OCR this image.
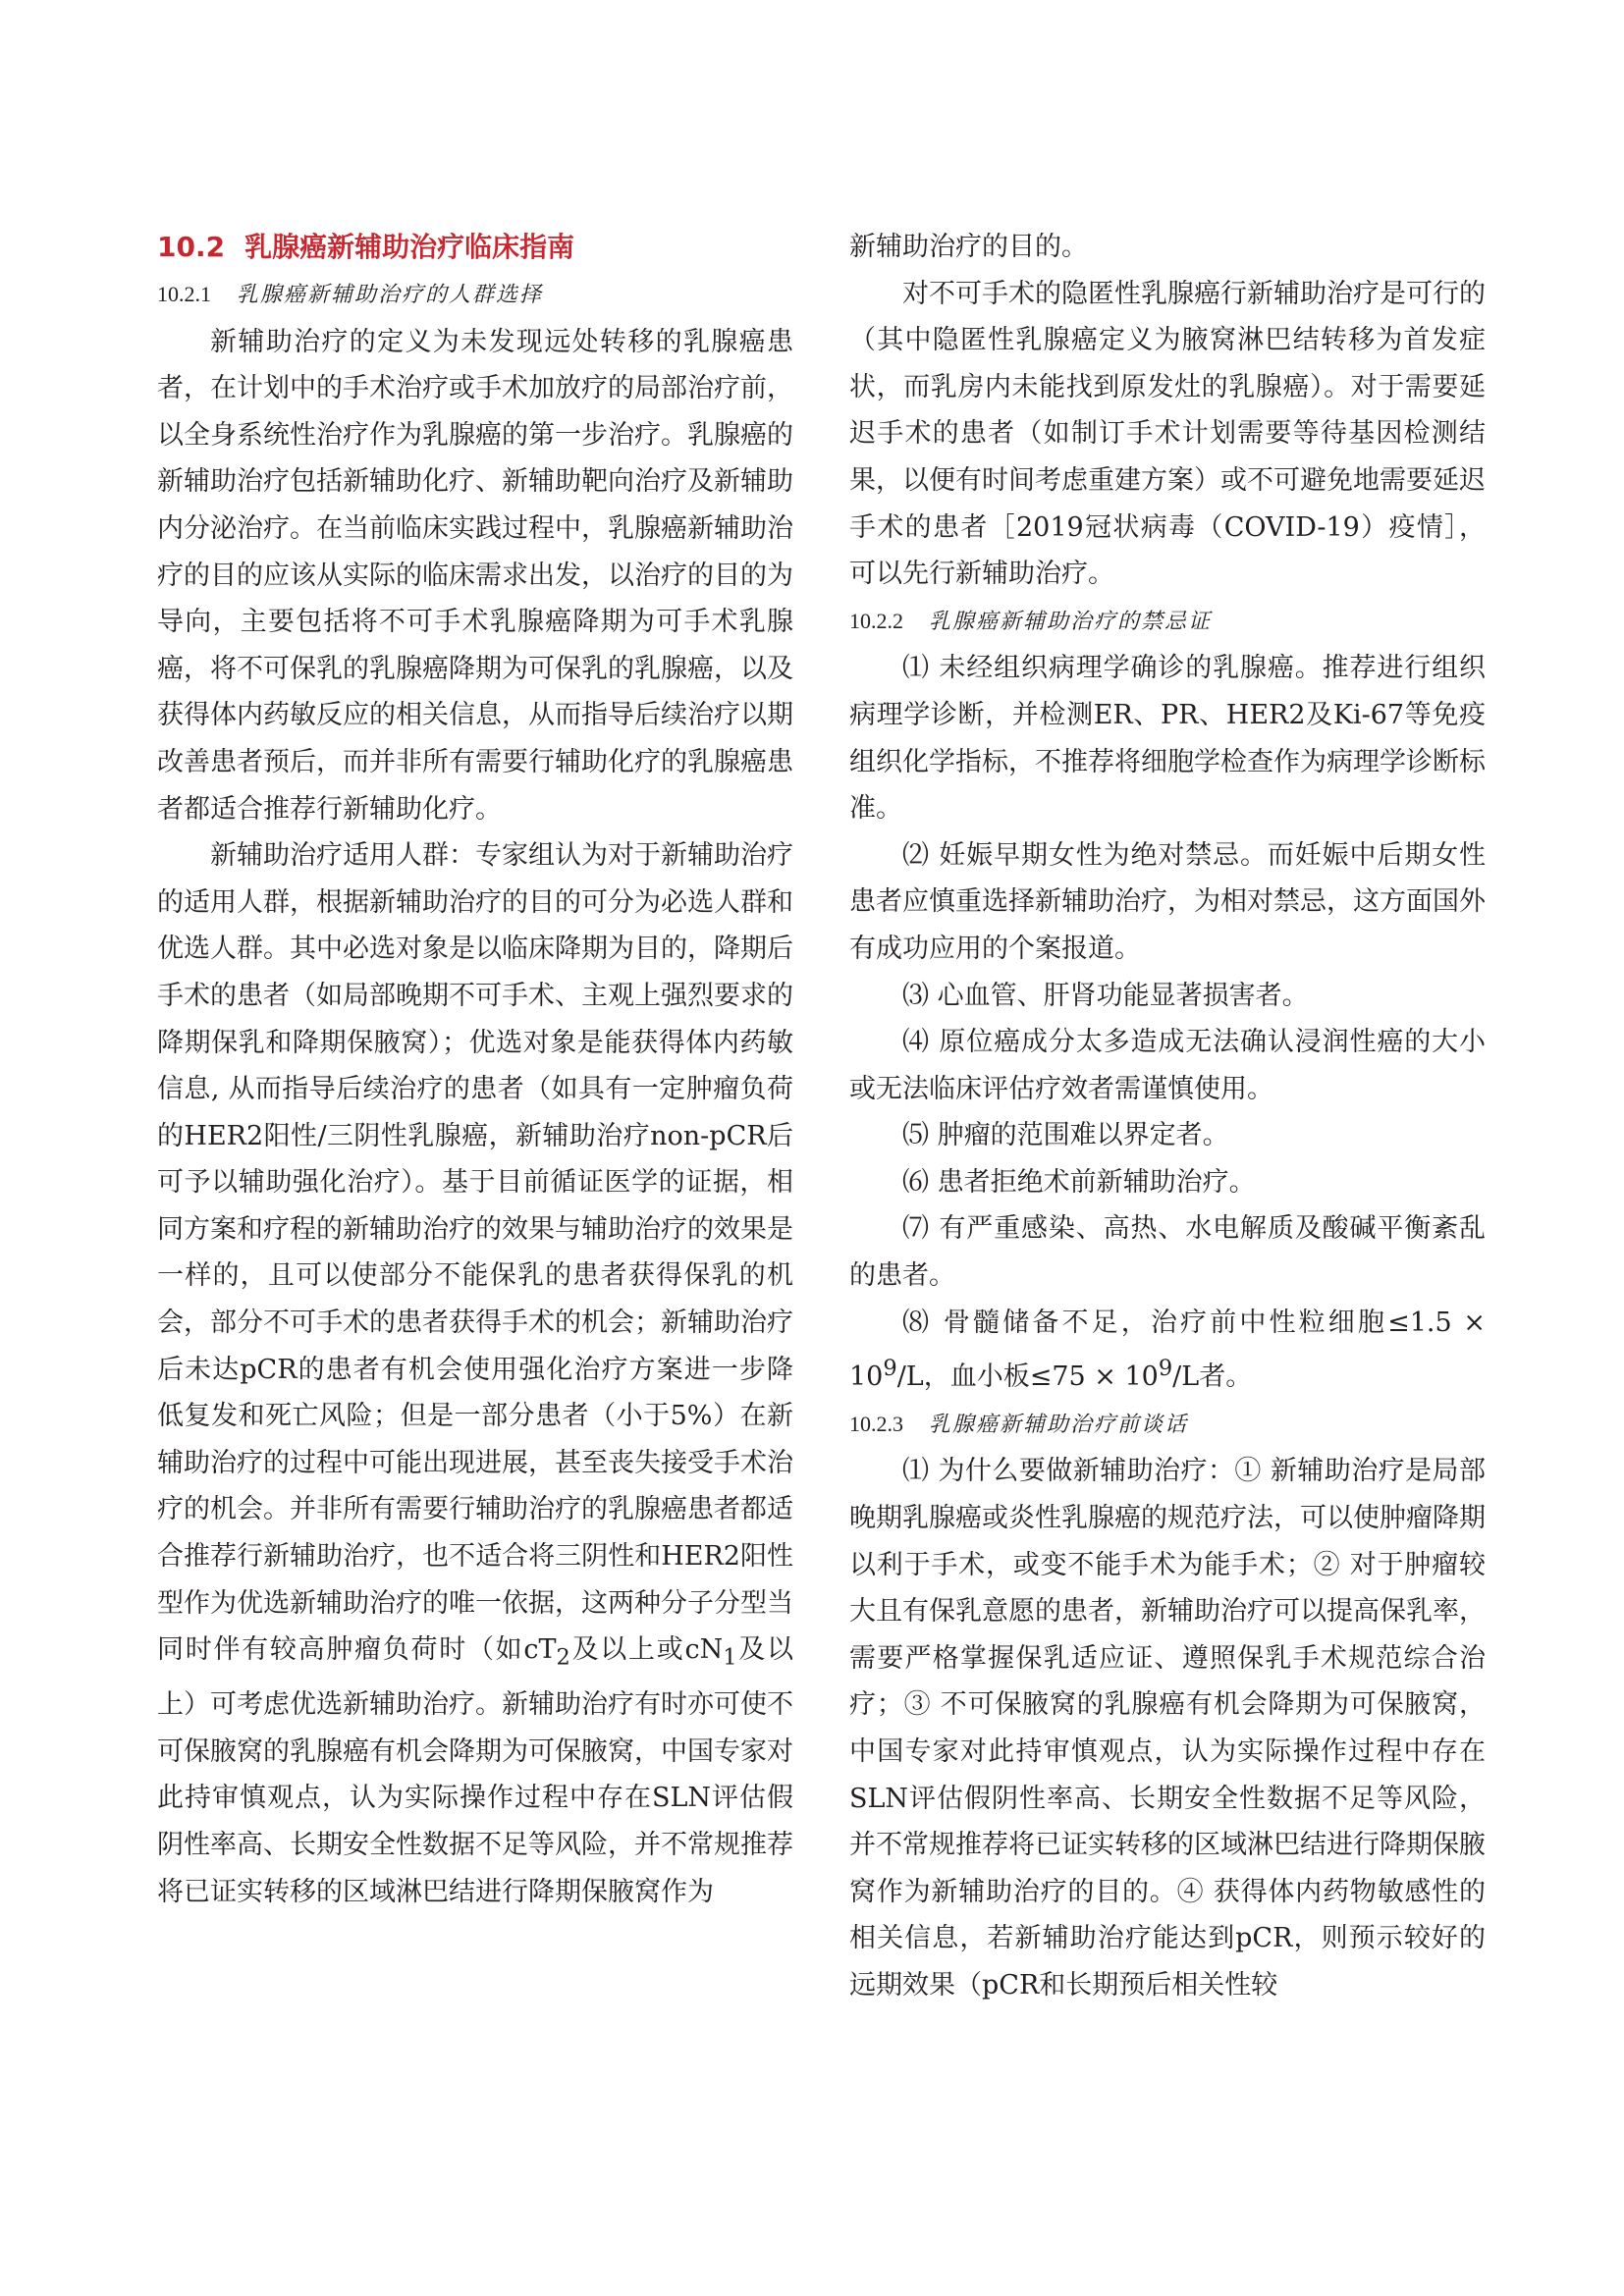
10.2 乳腺癌新辅助治疗临床指南

10.2.1 乳腺癌新辅助治疗的人群选择

新辅助治疗的定义为未发现远处转移的乳腺癌患者，在计划中的手术治疗或手术加放疗的局部治疗前，以全身系统性治疗作为乳腺癌的第一步治疗。乳腺癌的新辅助治疗包括新辅助化疗、新辅助靶向治疗及新辅助内分泌治疗。在当前临床实践过程中，乳腺癌新辅助治疗的目的应该从实际的临床需求出发，以治疗的目的为导向，主要包括将不可手术乳腺癌降期为可手术乳腺癌，将不可保乳的乳腺癌降期为可保乳的乳腺癌，以及获得体内药敏反应的相关信息，从而指导后续治疗以期改善患者预后，而并非所有需要行辅助化疗的乳腺癌患者都适合推荐行新辅助化疗。

新辅助治疗适用人群：专家组认为对于新辅助治疗的适用人群，根据新辅助治疗的目的可分为必选人群和优选人群。其中必选对象是以临床降期为目的，降期后手术的患者（如局部晚期不可手术、主观上强烈要求的降期保乳和降期保腋窝）；优选对象是能获得体内药敏信息, 从而指导后续治疗的患者（如具有一定肿瘤负荷的HER2阳性/三阴性乳腺癌，新辅助治疗non-pCR后可予以辅助强化治疗）。基于目前循证医学的证据，相同方案和疗程的新辅助治疗的效果与辅助治疗的效果是一样的，且可以使部分不能保乳的患者获得保乳的机会，部分不可手术的患者获得手术的机会；新辅助治疗后未达pCR的患者有机会使用强化治疗方案进一步降低复发和死亡风险；但是一部分患者（小于5%）在新辅助治疗的过程中可能出现进展，甚至丧失接受手术治疗的机会。并非所有需要行辅助治疗的乳腺癌患者都适合推荐行新辅助治疗，也不适合将三阴性和HER2阳性型作为优选新辅助治疗的唯一依据，这两种分子分型当同时伴有较高肿瘤负荷时（如$cT_2$及以上或$cN_1$及以上）可考虑优选新辅助治疗。新辅助治疗有时亦可使不可保腋窝的乳腺癌有机会降期为可保腋窝，中国专家对此持审慎观点，认为实际操作过程中存在SLN评估假阴性率高、长期安全性数据不足等风险，并不常规推荐将已证实转移的区域淋巴结进行降期保腋窝作为

新辅助治疗的目的。

对不可手术的隐匿性乳腺癌行新辅助治疗是可行的（其中隐匿性乳腺癌定义为腋窝淋巴结转移为首发症状，而乳房内未能找到原发灶的乳腺癌）。对于需要延迟手术的患者（如制订手术计划需要等待基因检测结果，以便有时间考虑重建方案）或不可避免地需要延迟手术的患者［2019冠状病毒（COVID-19）疫情］，可以先行新辅助治疗。

10.2.2 乳腺癌新辅助治疗的禁忌证

⑴ 未经组织病理学确诊的乳腺癌。推荐进行组织病理学诊断，并检测ER、PR、HER2及Ki-67等免疫组织化学指标，不推荐将细胞学检查作为病理学诊断标准。

⑵ 妊娠早期女性为绝对禁忌。而妊娠中后期女性患者应慎重选择新辅助治疗，为相对禁忌，这方面国外有成功应用的个案报道。

⑶ 心血管、肝肾功能显著损害者。

⑷ 原位癌成分太多造成无法确认浸润性癌的大小或无法临床评估疗效者需谨慎使用。

⑸ 肿瘤的范围难以界定者。

⑹ 患者拒绝术前新辅助治疗。

⑺ 有严重感染、高热、水电解质及酸碱平衡紊乱的患者。

⑻ 骨髓储备不足，治疗前中性粒细胞$\le 1.5 \times 10^9/L$，血小板$\le 75 \times 10^9/L$者。

10.2.3 乳腺癌新辅助治疗前谈话

⑴ 为什么要做新辅助治疗：① 新辅助治疗是局部晚期乳腺癌或炎性乳腺癌的规范疗法，可以使肿瘤降期以利于手术，或变不能手术为能手术；② 对于肿瘤较大且有保乳意愿的患者，新辅助治疗可以提高保乳率，需要严格掌握保乳适应证、遵照保乳手术规范综合治疗；③ 不可保腋窝的乳腺癌有机会降期为可保腋窝，中国专家对此持审慎观点，认为实际操作过程中存在SLN评估假阴性率高、长期安全性数据不足等风险，并不常规推荐将已证实转移的区域淋巴结进行降期保腋窝作为新辅助治疗的目的。④ 获得体内药物敏感性的相关信息，若新辅助治疗能达到pCR，则预示较好的远期效果（pCR和长期预后相关性较
